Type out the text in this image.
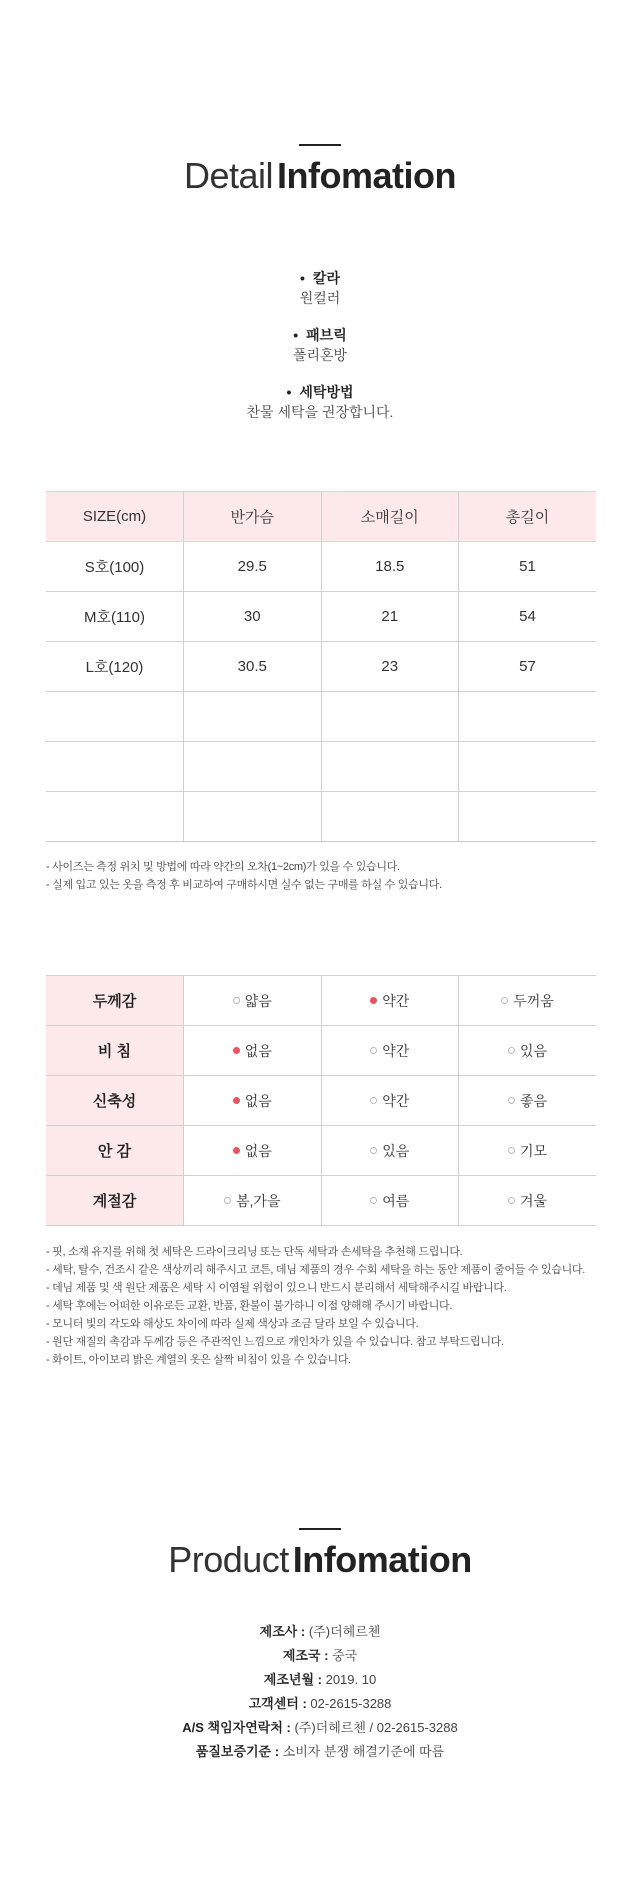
Detail Infomation
• 칼라
원컬러
• 패브릭
폴리혼방
• 세탁방법
찬물 세탁을 권장합니다.
SIZE(cm)	반가슴	소매길이	총길이
S호(100)	29.5	18.5	51
M호(110)	30	21	54
L호(120)	30.5	23	57

- 사이즈는 측정 위치 및 방법에 따라 약간의 오차(1~2cm)가 있을 수 있습니다.
- 실제 입고 있는 옷을 측정 후 비교하여 구매하시면 실수 없는 구매를 하실 수 있습니다.
두께감	얇음	약간	두꺼움
비 침	없음	약간	있음
신축성	없음	약간	좋음
안 감	없음	있음	기모
계절감	봄,가을	여름	겨울
- 핏, 소재 유지를 위해 첫 세탁은 드라이크리닝 또는 단독 세탁과 손세탁을 추천해 드립니다.
- 세탁, 탈수, 건조시 같은 색상끼리 해주시고 코튼, 데님 제품의 경우 수회 세탁을 하는 동안 제품이 줄어들 수 있습니다.
- 데님 제품 및 색 원단 제품은 세탁 시 이염될 위험이 있으니 반드시 분리해서 세탁해주시길 바랍니다.
- 세탁 후에는 어떠한 이유로든 교환, 반품, 환불이 불가하니 이점 양해해 주시기 바랍니다.
- 모니터 빛의 각도와 해상도 차이에 따라 실제 색상과 조금 달라 보일 수 있습니다.
- 원단 재질의 촉감과 두께감 등은 주관적인 느낌으로 개인차가 있을 수 있습니다. 참고 부탁드립니다.
- 화이트, 아이보리 밝은 계열의 옷은 살짝 비침이 있을 수 있습니다.
Product Infomation
제조사 : (주)더헤르첸
제조국 : 중국
제조년월 : 2019. 10
고객센터 : 02-2615-3288
A/S 책임자연락처 : (주)더헤르첸 / 02-2615-3288
품질보증기준 : 소비자 분쟁 해결기준에 따름
